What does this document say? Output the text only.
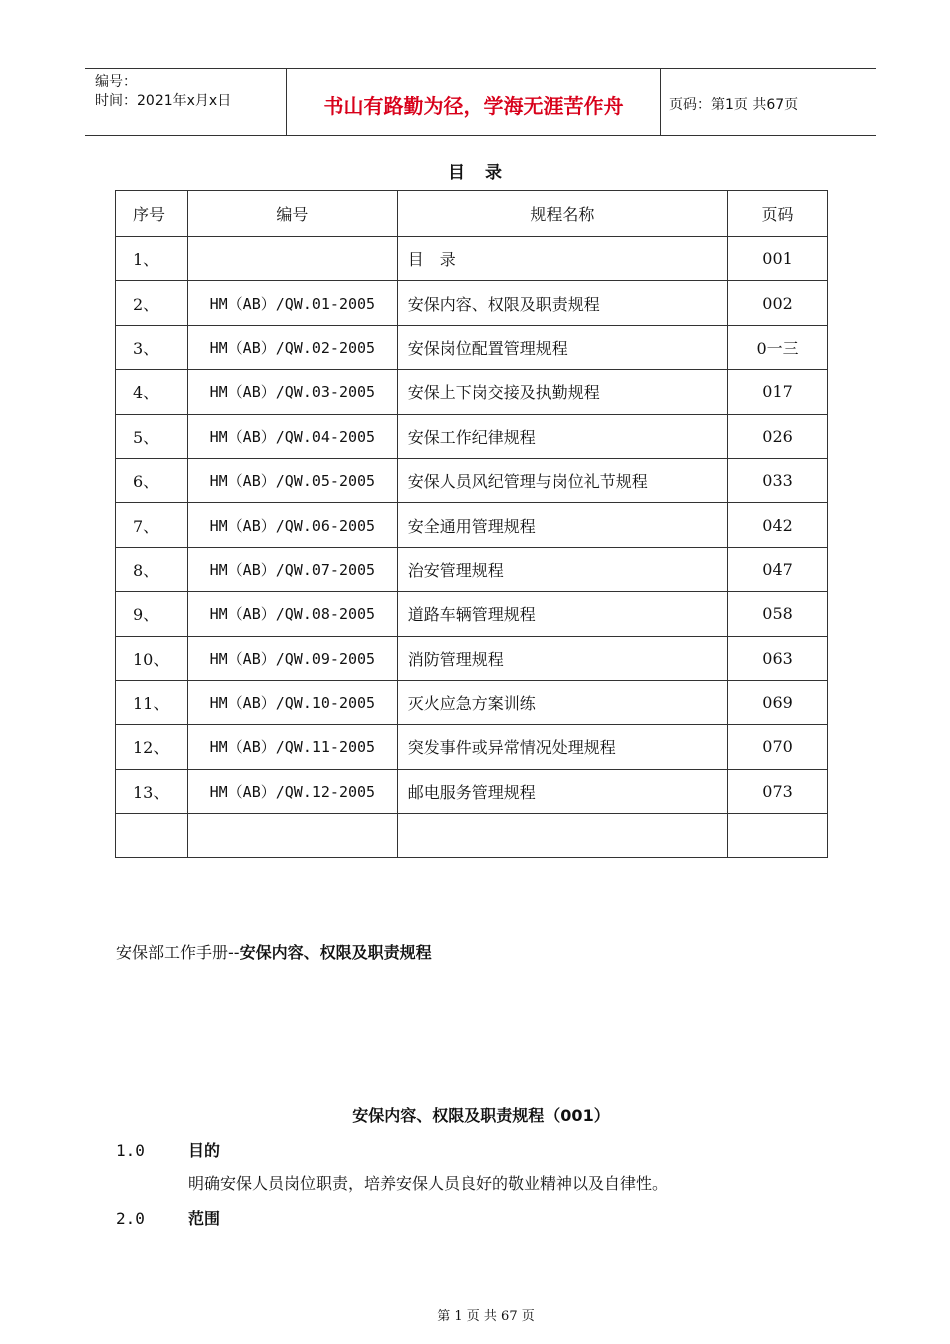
编号：
时间：2021年x月x日	书山有路勤为径，学海无涯苦作舟	页码：第1页 共67页
目录
序号	编号	规程名称	页码
1、		目　录	001
2、	HM（AB）/QW.01-2005	安保内容、权限及职责规程	002
3、	HM（AB）/QW.02-2005	安保岗位配置管理规程	0一三
4、	HM（AB）/QW.03-2005	安保上下岗交接及执勤规程	017
5、	HM（AB）/QW.04-2005	安保工作纪律规程	026
6、	HM（AB）/QW.05-2005	安保人员风纪管理与岗位礼节规程	033
7、	HM（AB）/QW.06-2005	安全通用管理规程	042
8、	HM（AB）/QW.07-2005	治安管理规程	047
9、	HM（AB）/QW.08-2005	道路车辆管理规程	058
10、	HM（AB）/QW.09-2005	消防管理规程	063
11、	HM（AB）/QW.10-2005	灭火应急方案训练	069
12、	HM（AB）/QW.11-2005	突发事件或异常情况处理规程	070
13、	HM（AB）/QW.12-2005	邮电服务管理规程	073

安保部工作手册--安保内容、权限及职责规程
安保内容、权限及职责规程（001）
1.0	目的
明确安保人员岗位职责，培养安保人员良好的敬业精神以及自律性。
2.0	范围
第 1 页 共 67 页
